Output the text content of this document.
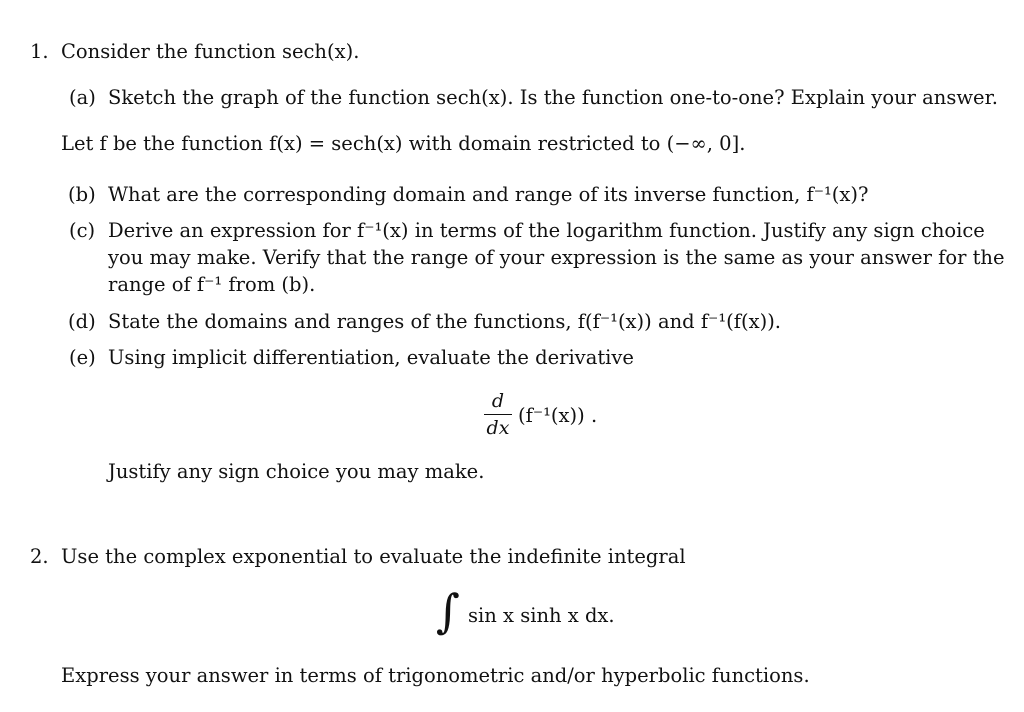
1. Consider the function sech(x).
(a) Sketch the graph of the function sech(x). Is the function one-to-one? Explain your answer.
Let f be the function f(x) = sech(x) with domain restricted to (−∞, 0].
(b) What are the corresponding domain and range of its inverse function, f⁻¹(x)?
(c) Derive an expression for f⁻¹(x) in terms of the logarithm function. Justify any sign choice
you may make. Verify that the range of your expression is the same as your answer for the
range of f⁻¹ from (b).
(d) State the domains and ranges of the functions, f(f⁻¹(x)) and f⁻¹(f(x)).
(e) Using implicit differentiation, evaluate the derivative
d
dx
(f⁻¹(x)) .
Justify any sign choice you may make.
2. Use the complex exponential to evaluate the indefinite integral
∫ sin x sinh x dx.
Express your answer in terms of trigonometric and/or hyperbolic functions.
